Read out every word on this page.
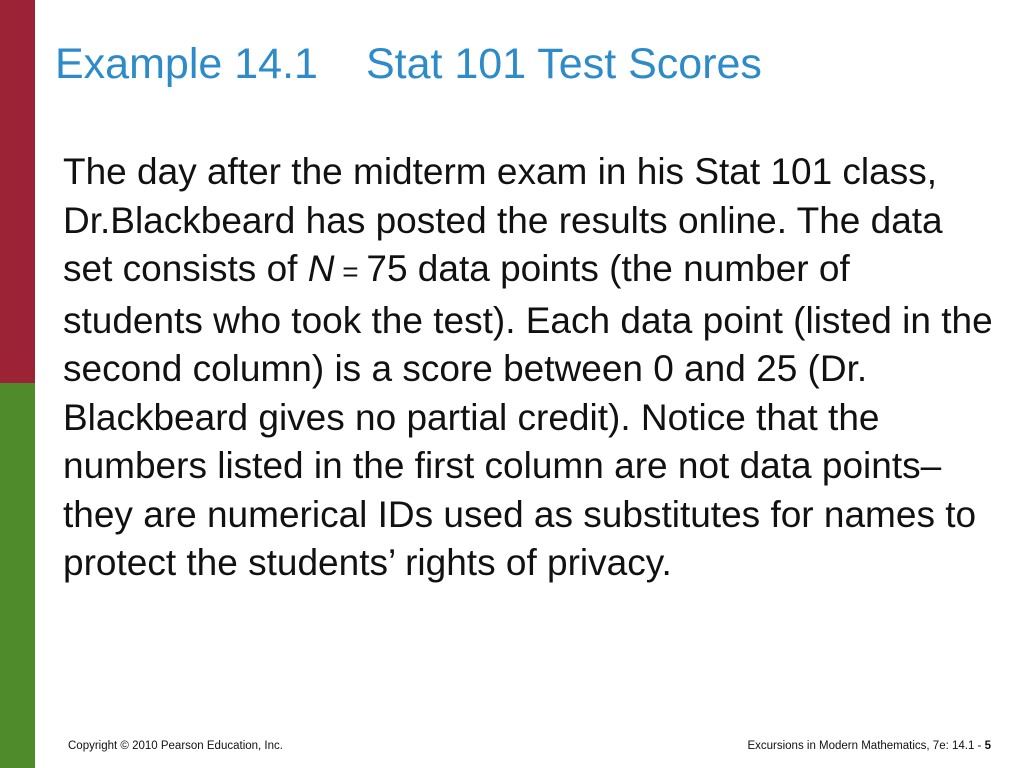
Example 14.1 Stat 101 Test Scores

The day after the midterm exam in his Stat 101 class, Dr.Blackbeard has posted the results online. The data set consists of N = 75 data points (the number of students who took the test). Each data point (listed in the second column) is a score between 0 and 25 (Dr. Blackbeard gives no partial credit). Notice that the numbers listed in the first column are not data points–they are numerical IDs used as substitutes for names to protect the students’ rights of privacy.

Copyright © 2010 Pearson Education, Inc.	Excursions in Modern Mathematics, 7e: 14.1 - 5
